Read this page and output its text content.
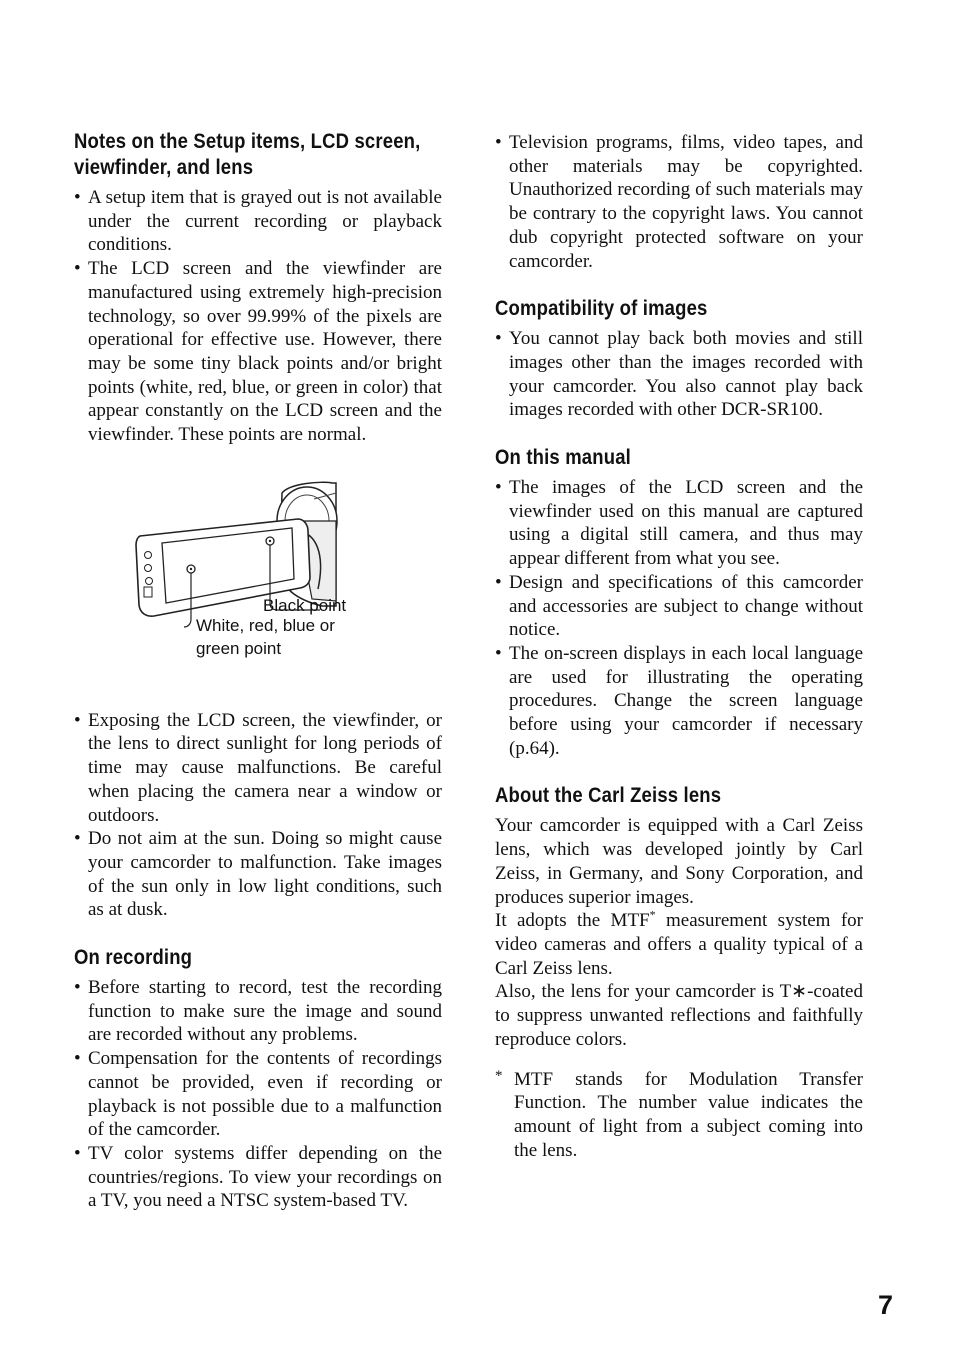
Notes on the Setup items, LCD screen,
viewfinder, and lens
• A setup item that is grayed out is not available under the current recording or playback conditions.
• The LCD screen and the viewfinder are manufactured using extremely high-precision technology, so over 99.99% of the pixels are operational for effective use. However, there may be some tiny black points and/or bright points (white, red, blue, or green in color) that appear constantly on the LCD screen and the viewfinder. These points are normal.
Black point
White, red, blue or
green point
• Exposing the LCD screen, the viewfinder, or the lens to direct sunlight for long periods of time may cause malfunctions. Be careful when placing the camera near a window or outdoors.
• Do not aim at the sun. Doing so might cause your camcorder to malfunction. Take images of the sun only in low light conditions, such as at dusk.
On recording
• Before starting to record, test the recording function to make sure the image and sound are recorded without any problems.
• Compensation for the contents of recordings cannot be provided, even if recording or playback is not possible due to a malfunction of the camcorder.
• TV color systems differ depending on the countries/regions. To view your recordings on a TV, you need a NTSC system-based TV.
• Television programs, films, video tapes, and other materials may be copyrighted. Unauthorized recording of such materials may be contrary to the copyright laws. You cannot dub copyright protected software on your camcorder.
Compatibility of images
• You cannot play back both movies and still images other than the images recorded with your camcorder. You also cannot play back images recorded with other DCR-SR100.
On this manual
• The images of the LCD screen and the viewfinder used on this manual are captured using a digital still camera, and thus may appear different from what you see.
• Design and specifications of this camcorder and accessories are subject to change without notice.
• The on-screen displays in each local language are used for illustrating the operating procedures. Change the screen language before using your camcorder if necessary (p.64).
About the Carl Zeiss lens

Your camcorder is equipped with a Carl Zeiss lens, which was developed jointly by Carl Zeiss, in Germany, and Sony Corporation, and produces superior images.

It adopts the MTF* measurement system for video cameras and offers a quality typical of a Carl Zeiss lens.

Also, the lens for your camcorder is T∗-coated to suppress unwanted reflections and faithfully reproduce colors.

* MTF stands for Modulation Transfer Function. The number value indicates the amount of light from a subject coming into the lens.
7
